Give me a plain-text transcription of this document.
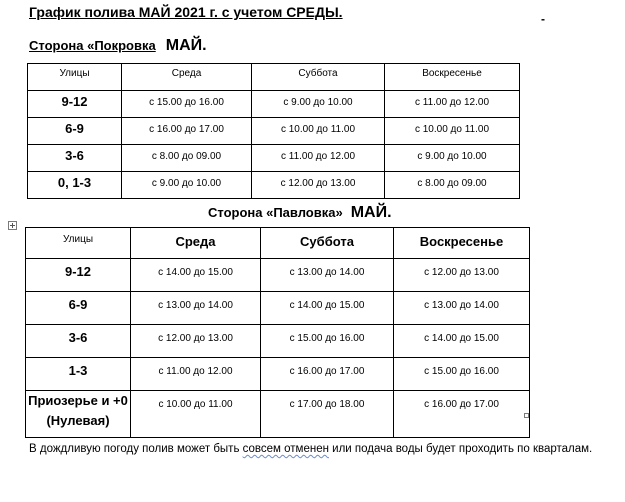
График полива МАЙ 2021 г. с учетом СРЕДЫ.	-
Сторона «Покровка МАЙ.
Улицы	Среда	Суббота	Воскресенье
9-12	с 15.00 до 16.00	с 9.00 до 10.00	с 11.00 до 12.00
6-9	с 16.00 до 17.00	с 10.00 до 11.00	с 10.00 до 11.00
3-6	с 8.00 до 09.00	с 11.00 до 12.00	с 9.00 до 10.00
0, 1-3	с 9.00 до 10.00	с 12.00 до 13.00	с 8.00 до 09.00
Сторона «Павловка» МАЙ.
Улицы	Среда	Суббота	Воскресенье
9-12	с 14.00 до 15.00	с 13.00 до 14.00	с 12.00 до 13.00
6-9	с 13.00 до 14.00	с 14.00 до 15.00	с 13.00 до 14.00
3-6	с 12.00 до 13.00	с 15.00 до 16.00	с 14.00 до 15.00
1-3	с 11.00 до 12.00	с 16.00 до 17.00	с 15.00 до 16.00
Приозерье и +0 (Нулевая)	с 10.00 до 11.00	с 17.00 до 18.00	с 16.00 до 17.00
В дождливую погоду полив может быть совсем отменен или подача воды будет проходить по кварталам.
